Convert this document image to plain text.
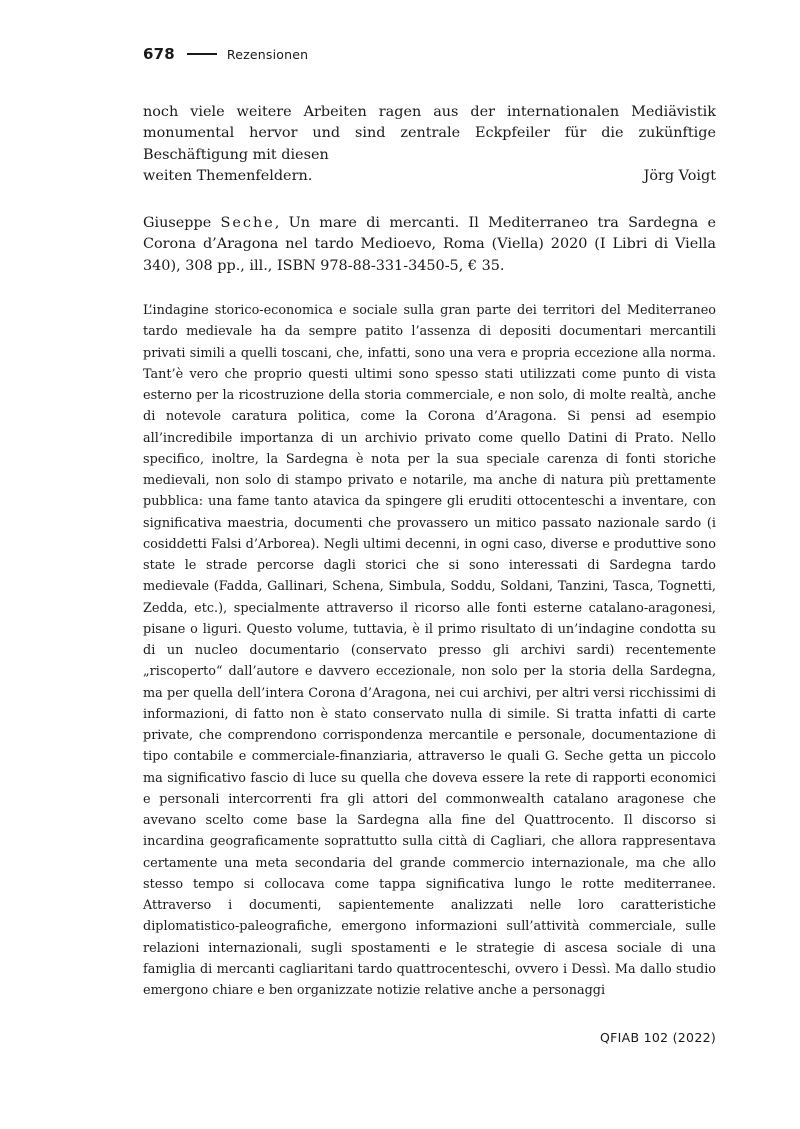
678	Rezensionen

noch viele weitere Arbeiten ragen aus der internationalen Mediävistik monumental hervor und sind zentrale Eckpfeiler für die zukünftige Beschäftigung mit diesen

weiten Themenfeldern.	Jörg Voigt

Giuseppe Seche, Un mare di mercanti. Il Mediterraneo tra Sardegna e Corona d’Aragona nel tardo Medioevo, Roma (Viella) 2020 (I Libri di Viella 340), 308 pp., ill., ISBN 978-88-331-3450-5, € 35.

L’indagine storico-economica e sociale sulla gran parte dei territori del Mediterraneo tardo medievale ha da sempre patito l’assenza di depositi documentari mercantili privati simili a quelli toscani, che, infatti, sono una vera e propria eccezione alla norma. Tant’è vero che proprio questi ultimi sono spesso stati utilizzati come punto di vista esterno per la ricostruzione della storia commerciale, e non solo, di molte realtà, anche di notevole caratura politica, come la Corona d’Aragona. Si pensi ad esempio all’incredibile importanza di un archivio privato come quello Datini di Prato. Nello specifico, inoltre, la Sardegna è nota per la sua speciale carenza di fonti storiche medievali, non solo di stampo privato e notarile, ma anche di natura più prettamente pubblica: una fame tanto atavica da spingere gli eruditi ottocenteschi a inventare, con significativa maestria, documenti che provassero un mitico passato nazionale sardo (i cosiddetti Falsi d’Arborea). Negli ultimi decenni, in ogni caso, diverse e produttive sono state le strade percorse dagli storici che si sono interessati di Sardegna tardo medievale (Fadda, Gallinari, Schena, Simbula, Soddu, Soldani, Tanzini, Tasca, Tognetti, Zedda, etc.), specialmente attraverso il ricorso alle fonti esterne catalano-aragonesi, pisane o liguri. Questo volume, tuttavia, è il primo risultato di un’indagine condotta su di un nucleo documentario (conservato presso gli archivi sardi) recentemente „riscoperto“ dall’autore e davvero eccezionale, non solo per la storia della Sardegna, ma per quella dell’intera Corona d’Aragona, nei cui archivi, per altri versi ricchissimi di informazioni, di fatto non è stato conservato nulla di simile. Si tratta infatti di carte private, che comprendono corrispondenza mercantile e personale, documentazione di tipo contabile e commerciale-finanziaria, attraverso le quali G. Seche getta un piccolo ma significativo fascio di luce su quella che doveva essere la rete di rapporti economici e personali intercorrenti fra gli attori del commonwealth catalano aragonese che avevano scelto come base la Sardegna alla fine del Quattrocento. Il discorso si incardina geograficamente soprattutto sulla città di Cagliari, che allora rappresentava certamente una meta secondaria del grande commercio internazionale, ma che allo stesso tempo si collocava come tappa significativa lungo le rotte mediterranee. Attraverso i documenti, sapientemente analizzati nelle loro caratteristiche diplomatistico-paleografiche, emergono informazioni sull’attività commerciale, sulle relazioni internazionali, sugli spostamenti e le strategie di ascesa sociale di una famiglia di mercanti cagliaritani tardo quattrocenteschi, ovvero i Dessì. Ma dallo studio emergono chiare e ben organizzate notizie relative anche a personaggi

QFIAB 102 (2022)
